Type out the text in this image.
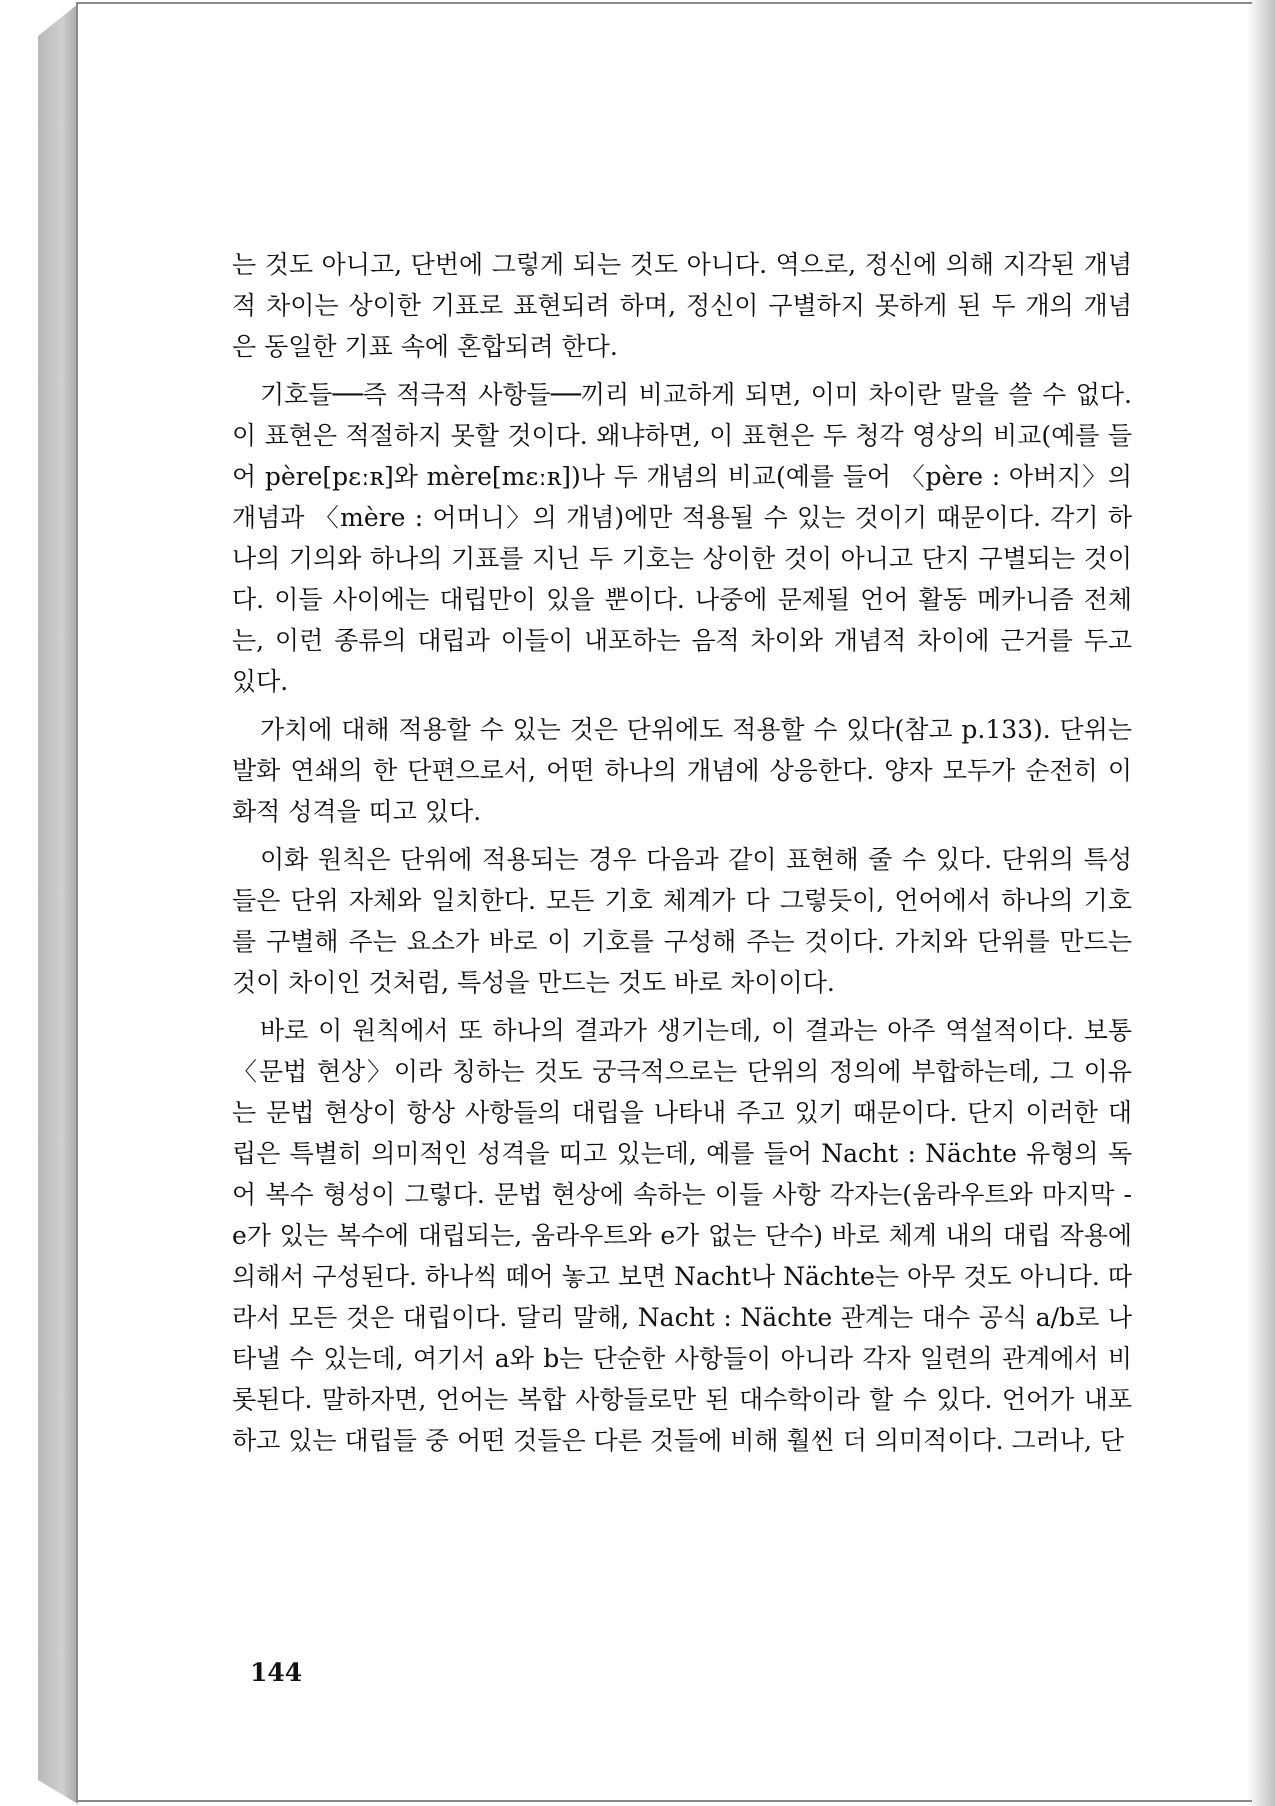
는 것도 아니고, 단번에 그렇게 되는 것도 아니다. 역으로, 정신에 의해 지각된 개념적 차이는 상이한 기표로 표현되려 하며, 정신이 구별하지 못하게 된 두 개의 개념은 동일한 기표 속에 혼합되려 한다.

기호들──즉 적극적 사항들──끼리 비교하게 되면, 이미 차이란 말을 쓸 수 없다. 이 표현은 적절하지 못할 것이다. 왜냐하면, 이 표현은 두 청각 영상의 비교(예를 들어 père[pɛːʀ]와 mère[mɛːʀ])나 두 개념의 비교(예를 들어 〈père : 아버지〉의 개념과 〈mère : 어머니〉의 개념)에만 적용될 수 있는 것이기 때문이다. 각기 하나의 기의와 하나의 기표를 지닌 두 기호는 상이한 것이 아니고 단지 구별되는 것이다. 이들 사이에는 대립만이 있을 뿐이다. 나중에 문제될 언어 활동 메카니즘 전체는, 이런 종류의 대립과 이들이 내포하는 음적 차이와 개념적 차이에 근거를 두고 있다.

가치에 대해 적용할 수 있는 것은 단위에도 적용할 수 있다(참고 p.133). 단위는 발화 연쇄의 한 단편으로서, 어떤 하나의 개념에 상응한다. 양자 모두가 순전히 이화적 성격을 띠고 있다.

이화 원칙은 단위에 적용되는 경우 다음과 같이 표현해 줄 수 있다. 단위의 특성들은 단위 자체와 일치한다. 모든 기호 체계가 다 그렇듯이, 언어에서 하나의 기호를 구별해 주는 요소가 바로 이 기호를 구성해 주는 것이다. 가치와 단위를 만드는 것이 차이인 것처럼, 특성을 만드는 것도 바로 차이이다.

바로 이 원칙에서 또 하나의 결과가 생기는데, 이 결과는 아주 역설적이다. 보통 〈문법 현상〉이라 칭하는 것도 궁극적으로는 단위의 정의에 부합하는데, 그 이유는 문법 현상이 항상 사항들의 대립을 나타내 주고 있기 때문이다. 단지 이러한 대립은 특별히 의미적인 성격을 띠고 있는데, 예를 들어 Nacht : Nächte 유형의 독어 복수 형성이 그렇다. 문법 현상에 속하는 이들 사항 각자는(움라우트와 마지막 -e가 있는 복수에 대립되는, 움라우트와 e가 없는 단수) 바로 체계 내의 대립 작용에 의해서 구성된다. 하나씩 떼어 놓고 보면 Nacht나 Nächte는 아무 것도 아니다. 따라서 모든 것은 대립이다. 달리 말해, Nacht : Nächte 관계는 대수 공식 a/b로 나타낼 수 있는데, 여기서 a와 b는 단순한 사항들이 아니라 각자 일련의 관계에서 비롯된다. 말하자면, 언어는 복합 사항들로만 된 대수학이라 할 수 있다. 언어가 내포하고 있는 대립들 중 어떤 것들은 다른 것들에 비해 훨씬 더 의미적이다. 그러나, 단

144
